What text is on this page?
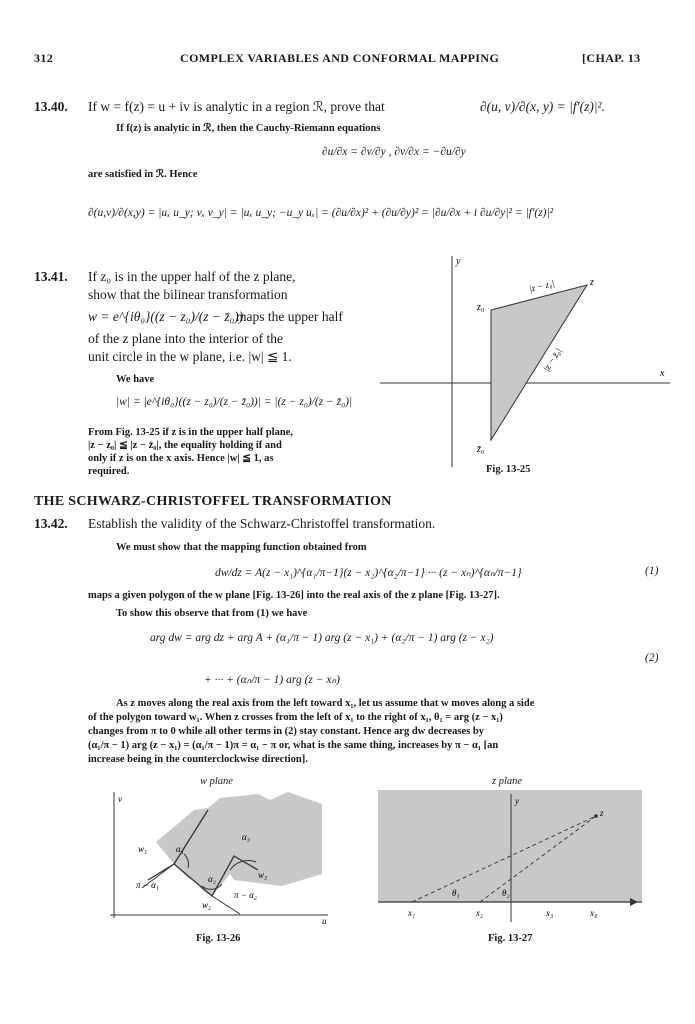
312	COMPLEX VARIABLES AND CONFORMAL MAPPING	[CHAP. 13
13.40. If w = f(z) = u + iv is analytic in a region ℛ, prove that	∂(u, v)/∂(x, y) = |f′(z)|².
If f(z) is analytic in ℛ, then the Cauchy-Riemann equations
∂u/∂x = ∂v/∂y , ∂v/∂x = −∂u/∂y
are satisfied in ℛ. Hence
∂(u,v)/∂(x,y) = |uₓ u_y; vₓ v_y| = |uₓ u_y; −u_y uₓ| = (∂u/∂x)² + (∂u/∂y)² = |∂u/∂x + i ∂u/∂y|² = |f′(z)|²
13.41. If z₀ is in the upper half of the z plane,
show that the bilinear transformation
w = e^{iθ₀}((z − z₀)/(z − z̄₀))
maps the upper half
of the z plane into the interior of the
unit circle in the w plane, i.e. |w| ≦ 1.
We have
|w| = |e^{iθ₀}((z − z₀)/(z − z̄₀))| = |(z − z₀)/(z − z̄₀)|
From Fig. 13-25 if z is in the upper half plane,
|z − z₀| ≦ |z − z̄₀|, the equality holding if and
only if z is on the x axis. Hence |w| ≦ 1, as
required.
y
x
z
z₀
z̄₀
|z − z₀|
|z − z̄₀|
Fig. 13-25
THE SCHWARZ-CHRISTOFFEL TRANSFORMATION
13.42. Establish the validity of the Schwarz-Christoffel transformation.
We must show that the mapping function obtained from
dw/dz = A(z − x₁)^{α₁/π−1}(z − x₂)^{α₂/π−1} ··· (z − xₙ)^{αₙ/π−1}	(1)
maps a given polygon of the w plane [Fig. 13-26] into the real axis of the z plane [Fig. 13-27].
To show this observe that from (1) we have
arg dw = arg dz + arg A + (α₁/π − 1) arg (z − x₁) + (α₂/π − 1) arg (z − x₂)
(2)
+ ··· + (αₙ/π − 1) arg (z − xₙ)
As z moves along the real axis from the left toward x₁, let us assume that w moves along a side
of the polygon toward w₁. When z crosses from the left of x₁ to the right of x₁, θ₁ = arg (z − x₁)
changes from π to 0 while all other terms in (2) stay constant. Hence arg dw decreases by
(α₁/π − 1) arg (z − x₁) = (α₁/π − 1)π = α₁ − π or, what is the same thing, increases by π − α₁ [an
increase being in the counterclockwise direction].
w plane
v
u
w₁
w₂
w₃
α₁
α₂
α₃
π − α₁
π − α₂
Fig. 13-26
z plane
z
y
x₁	x₂	x₃	x₄
θ₁	θ₂
Fig. 13-27
